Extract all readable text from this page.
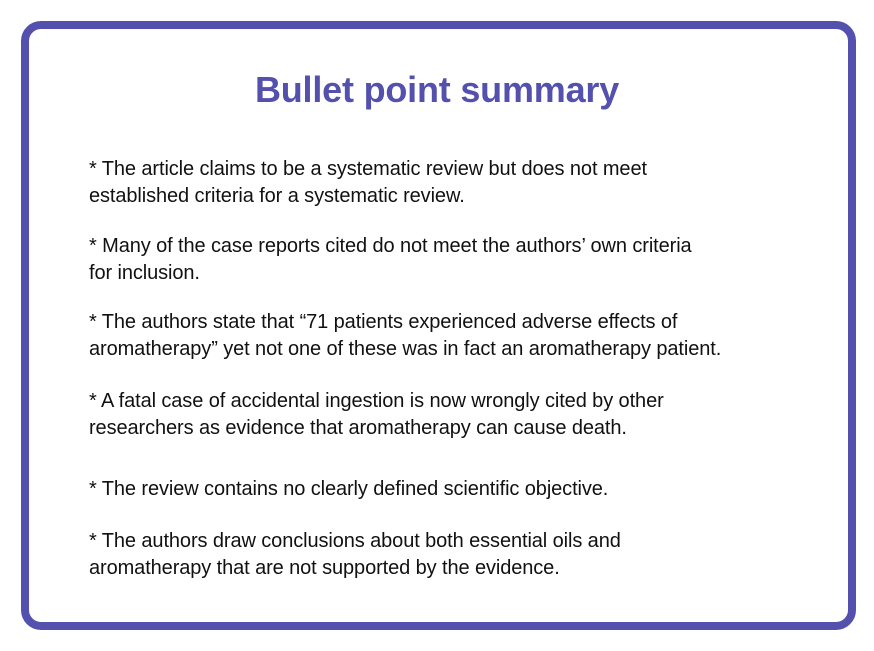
Bullet point summary
* The article claims to be a systematic review but does not meet
established criteria for a systematic review.
* Many of the case reports cited do not meet the authors’ own criteria
for inclusion.
* The authors state that “71 patients experienced adverse effects of
aromatherapy” yet not one of these was in fact an aromatherapy patient.
* A fatal case of accidental ingestion is now wrongly cited by other
researchers as evidence that aromatherapy can cause death.
* The review contains no clearly defined scientific objective.
* The authors draw conclusions about both essential oils and
aromatherapy that are not supported by the evidence.
